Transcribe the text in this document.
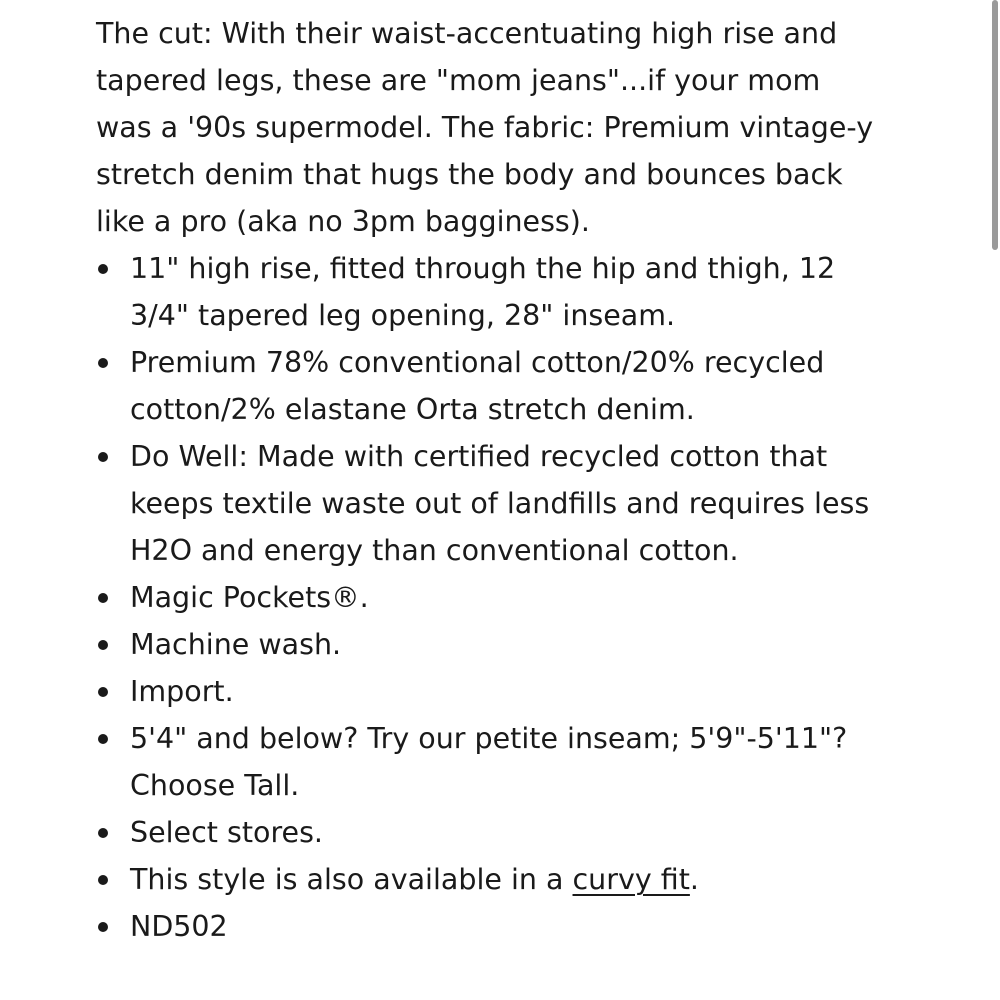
The cut: With their waist-accentuating high rise and tapered legs, these are "mom jeans"...if your mom was a '90s supermodel. The fabric: Premium vintage-y stretch denim that hugs the body and bounces back like a pro (aka no 3pm bagginess).

11" high rise, fitted through the hip and thigh, 12 3/4" tapered leg opening, 28" inseam.
Premium 78% conventional cotton/20% recycled cotton/2% elastane Orta stretch denim.
Do Well: Made with certified recycled cotton that keeps textile waste out of landfills and requires less H2O and energy than conventional cotton.
Magic Pockets®.
Machine wash.
Import.
5'4" and below? Try our petite inseam; 5'9"-5'11"? Choose Tall.
Select stores.
This style is also available in a curvy fit.
ND502
